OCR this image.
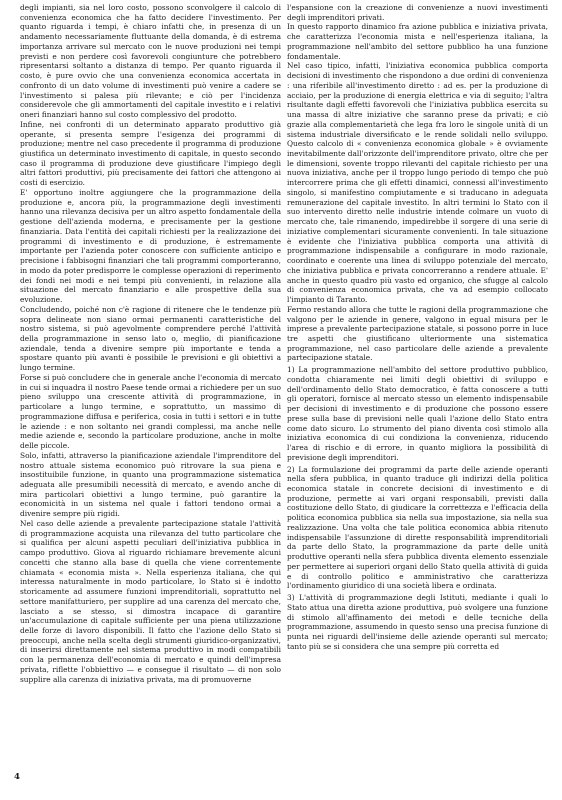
degli impianti, sia nel loro costo, possono sconvolgere il calcolo di convenienza economica che ha fatto decidere l'investimento. Per quanto riguarda i tempi, è chiaro infatti che, in presenza di un andamento necessariamente fluttuante della domanda, è di estrema importanza arrivare sul mercato con le nuove produzioni nei tempi previsti e non perdere così favorevoli congiunture che potrebbero ripresentarsi soltanto a distanza di tempo. Per quanto riguarda il costo, è pure ovvio che una convenienza economica accertata in confronto di un dato volume di investimenti può venire a cadere se l'investimento si palesa più rilevante; e ciò per l'incidenza considerevole che gli ammortamenti del capitale investito e i relativi oneri finanziari hanno sul costo complessivo del prodotto.

Infine, nei confronti di un determinato apparato produttivo già operante, si presenta sempre l'esigenza dei programmi di produzione; mentre nel caso precedente il programma di produzione giustifica un determinato investimento di capitale, in questo secondo caso il programma di produzione deve giustificare l'impiego degli altri fattori produttivi, più precisamente dei fattori che attengono ai costi di esercizio.

E' opportuno inoltre aggiungere che la programmazione della produzione e, ancora più, la programmazione degli investimenti hanno una rilevanza decisiva per un altro aspetto fondamentale della gestione dell'azienda moderna, e precisamente per la gestione finanziaria. Data l'entità dei capitali richiesti per la realizzazione dei programmi di investimento e di produzione, è estremamente importante per l'azienda poter conoscere con sufficiente anticipo e precisione i fabbisogni finanziari che tali programmi comporteranno, in modo da poter predisporre le complesse operazioni di reperimento dei fondi nei modi e nei tempi più convenienti, in relazione alla situazione del mercato finanziario e alle prospettive della sua evoluzione.

Concludendo, poiché non c'è ragione di ritenere che le tendenze più sopra delineate non siano ormai permanenti caratteristiche del nostro sistema, si può agevolmente comprendere perché l'attività della programmazione in senso lato o, meglio, di pianificazione aziendale, tenda a divenire sempre più importante e tenda a spostare quanto più avanti è possibile le previsioni e gli obiettivi a lungo termine.

Forse si può concludere che in generale anche l'economia di mercato in cui si inquadra il nostro Paese tende ormai a richiedere per un suo pieno sviluppo una crescente attività di programmazione, in particolare a lungo termine, e soprattutto, un massimo di programmazione diffusa e periferica, cosia in tutti i settori e in tutte le aziende : e non soltanto nei grandi complessi, ma anche nelle medie aziende e, secondo la particolare produzione, anche in molte delle piccole.

Solo, infatti, attraverso la pianificazione aziendale l'imprenditore del nostro attuale sistema economico può ritrovare la sua piena e insostituibile funzione, in quanto una programmazione sistematica adeguata alle presumibili necessità di mercato, e avendo anche di mira particolari obiettivi a lungo termine, può garantire la economicità in un sistema nel quale i fattori tendono ormai a divenire sempre più rigidi.

Nel caso delle aziende a prevalente partecipazione statale l'attività di programmazione acquista una rilevanza del tutto particolare che si qualifica per alcuni aspetti peculiari dell'iniziativa pubblica in campo produttivo. Giova al riguardo richiamare brevemente alcuni concetti che stanno alla base di quella che viene correntemente chiamata « economia mista ». Nella esperienza italiana, che qui interessa naturalmente in modo particolare, lo Stato si è indotto storicamente ad assumere funzioni imprenditoriali, soprattutto nel settore manifatturiero, per supplire ad una carenza del mercato che, lasciato a se stesso, si dimostra incapace di garantire un'accumulazione di capitale sufficiente per una piena utilizzazione delle forze di lavoro disponibili. Il fatto che l'azione dello Stato si preoccupi, anche nella scelta degli strumenti giuridico-organizzativi, di inserirsi direttamente nel sistema produttivo in modi compatibili con la permanenza dell'economia di mercato e quindi dell'impresa privata, riflette l'obbiettivo — e consegue il risultato — di non solo supplire alla carenza di iniziativa privata, ma di promuoverne

l'espansione con la creazione di convenienze a nuovi investimenti degli imprenditori privati.

In questo rapporto dinamico fra azione pubblica e iniziativa privata, che caratterizza l'economia mista e nell'esperienza italiana, la programmazione nell'ambito del settore pubblico ha una funzione fondamentale.

Nel caso tipico, infatti, l'iniziativa economica pubblica comporta decisioni di investimento che rispondono a due ordini di convenienza : una riferibile all'investimento diretto : ad es. per la produzione di acciaio, per la produzione di energia elettrica e via di seguito; l'altra risultante dagli effetti favorevoli che l'iniziativa pubblica esercita su una massa di altre iniziative che saranno prese da privati; e ciò grazie alla complementarietà che lega fra loro le singole unità di un sistema industriale diversificato e le rende solidali nello sviluppo. Questo calcolo di « convenienza economica globale » è ovviamente inevitabilmente dall'orizzonte dell'imprenditore privato, oltre che per le dimensioni, sovente troppo rilevanti del capitale richiesto per una nuova iniziativa, anche per il troppo lungo periodo di tempo che può intercorrere prima che gli effetti dinamici, connessi all'investimento singolo, si manifestino compiutamente e si traducano in adeguata remunerazione del capitale investito. In altri termini lo Stato con il suo intervento diretto nelle industrie intende colmare un vuoto di mercato che, tale rimanendo, impedirebbe il sorgere di una serie di iniziative complementari sicuramente convenienti. In tale situazione è evidente che l'iniziativa pubblica comporta una attività di programmazione indispensabile a configurare in modo razionale, coordinato e coerente una linea di sviluppo potenziale del mercato, che iniziativa pubblica e privata concorreranno a rendere attuale. E' anche in questo quadro più vasto ed organico, che sfugge al calcolo di convenienza economica privata, che va ad esempio collocato l'impianto di Taranto.

Fermo restando allora che tutte le ragioni della programmazione che valgono per le aziende in genere, valgono in egual misura per le imprese a prevalente partecipazione statale, si possono porre in luce tre aspetti che giustificano ulteriormente una sistematica programmazione, nel caso particolare delle aziende a prevalente partecipazione statale.

1) La programmazione nell'ambito del settore produttivo pubblico, condotta chiaramente nei limiti degli obiettivi di sviluppo e dell'ordinamento dello Stato democratico, è fatta conoscere a tutti gli operatori, fornisce al mercato stesso un elemento indispensabile per decisioni di investimento e di produzione che possono essere prese sulla base di previsioni nelle quali l'azione dello Stato entra come dato sicuro. Lo strumento del piano diventa così stimolo alla iniziativa economica di cui condiziona la convenienza, riducendo l'area di rischio e di errore, in quanto migliora la possibilità di previsione degli imprenditori.

2) La formulazione dei programmi da parte delle aziende operanti nella sfera pubblica, in quanto traduce gli indirizzi della politica economica statale in concrete decisioni di investimento e di produzione, permette ai vari organi responsabili, previsti dalla costituzione dello Stato, di giudicare la correttezza e l'efficacia della politica economica pubblica sia nella sua impostazione, sia nella sua realizzazione. Una volta che tale politica economica abbia ritenuto indispensabile l'assunzione di dirette responsabilità imprenditoriali da parte dello Stato, la programmazione da parte delle unità produttive operanti nella sfera pubblica diventa elemento essenziale per permettere ai superiori organi dello Stato quella attività di guida e di controllo politico e amministrativo che caratterizza l'ordinamento giuridico di una società libera e ordinata.

3) L'attività di programmazione degli Istituti, mediante i quali lo Stato attua una diretta azione produttiva, può svolgere una funzione di stimolo all'affinamento dei metodi e delle tecniche della programmazione, assumendo in questo senso una precisa funzione di punta nei riguardi dell'insieme delle aziende operanti sul mercato; tanto più se si considera che una sempre più corretta ed

4
